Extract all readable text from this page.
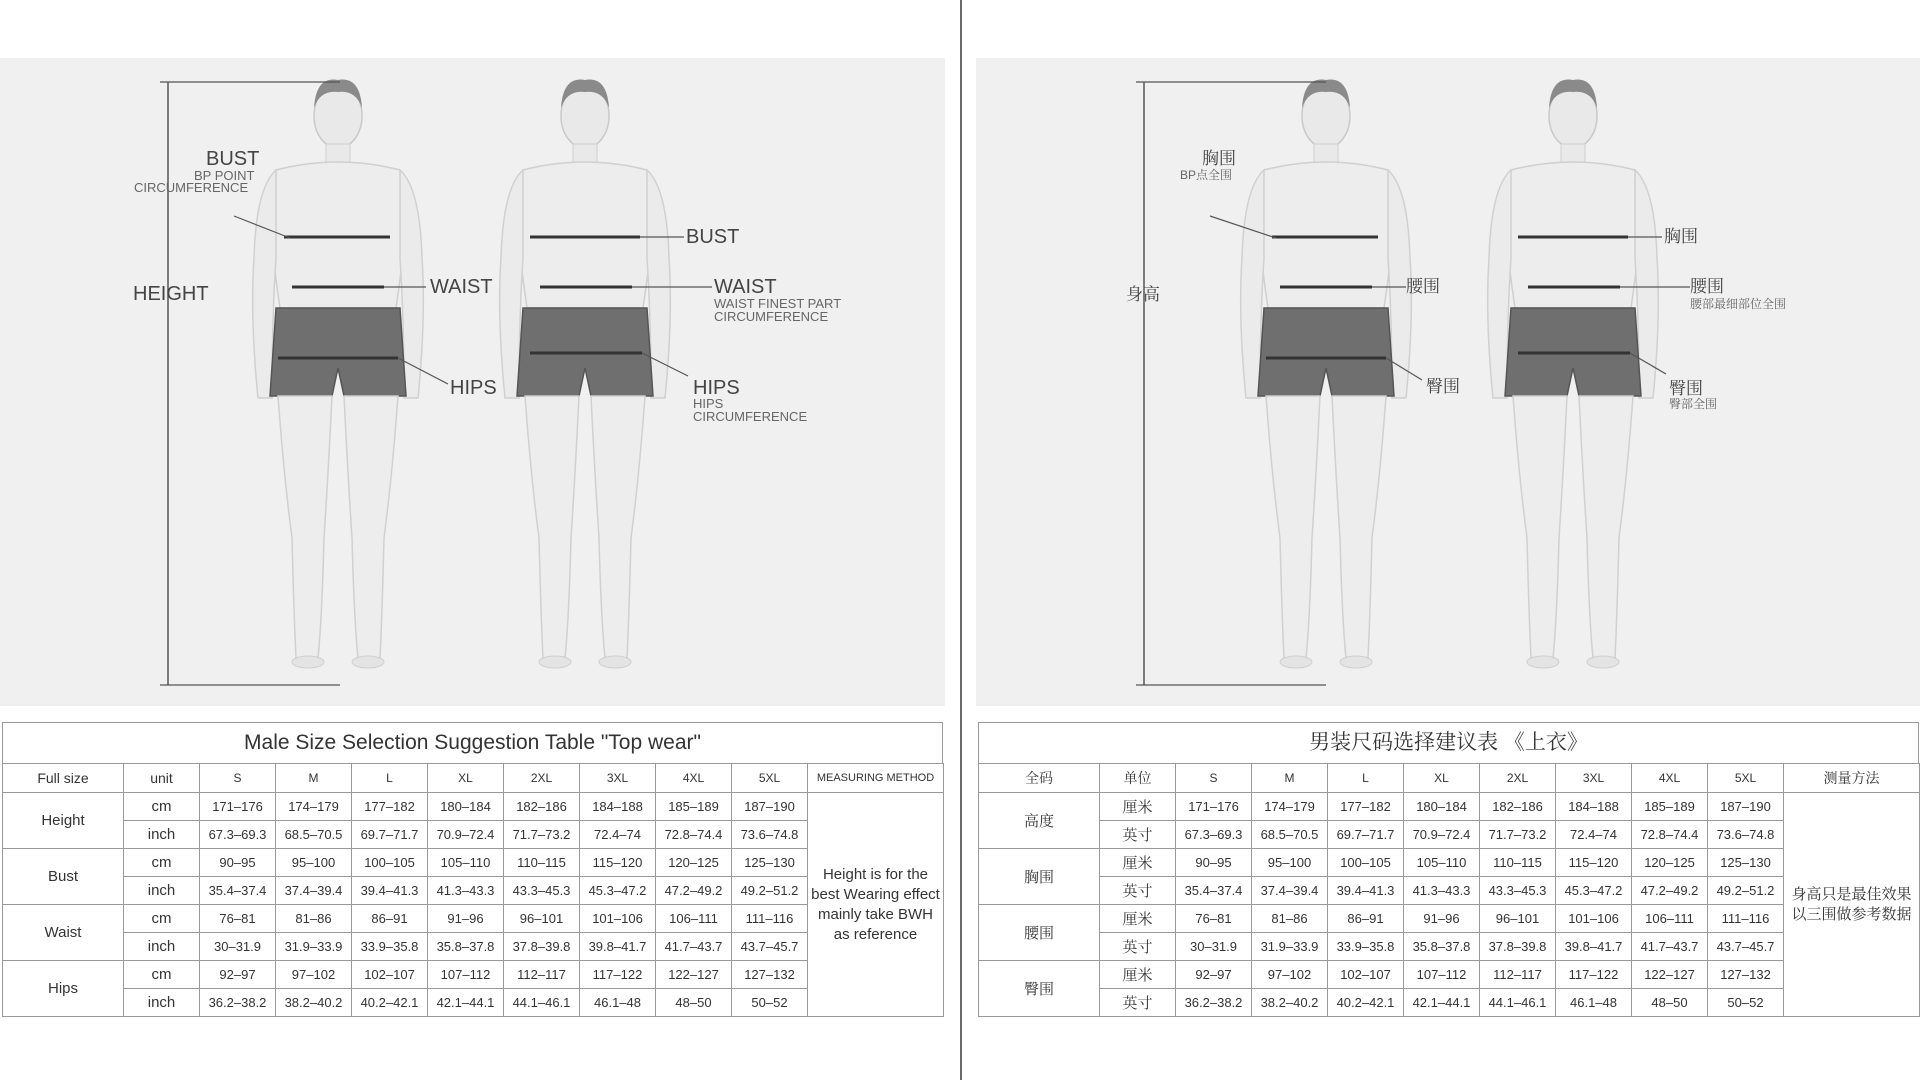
BUST
BP POINT
CIRCUMFERENCE
HEIGHT	WAIST
HIPS
BUST
WAIST
WAIST FINEST PART
CIRCUMFERENCE
HIPS
HIPS
CIRCUMFERENCE
Male Size Selection Suggestion Table "Top wear"
Full size	unit	S	M	L	XL	2XL	3XL	4XL	5XL	MEASURING METHOD
Height	cm	171–176	174–179	177–182	180–184	182–186	184–188	185–189	187–190	Height is for the best Wearing effect mainly take BWH as reference
	inch	67.3–69.3	68.5–70.5	69.7–71.7	70.9–72.4	71.7–73.2	72.4–74	72.8–74.4	73.6–74.8	
Bust	cm	90–95	95–100	100–105	105–110	110–115	115–120	120–125	125–130	
	inch	35.4–37.4	37.4–39.4	39.4–41.3	41.3–43.3	43.3–45.3	45.3–47.2	47.2–49.2	49.2–51.2	
Waist	cm	76–81	81–86	86–91	91–96	96–101	101–106	106–111	111–116	
	inch	30–31.9	31.9–33.9	33.9–35.8	35.8–37.8	37.8–39.8	39.8–41.7	41.7–43.7	43.7–45.7	
Hips	cm	92–97	97–102	102–107	107–112	112–117	117–122	122–127	127–132	
	inch	36.2–38.2	38.2–40.2	40.2–42.1	42.1–44.1	44.1–46.1	46.1–48	48–50	50–52	
胸围
BP点全围
身高	腰围
臀围
胸围
腰围
腰部最细部位全围
臀围
臀部全围
男装尺码选择建议表 《上衣》
全码	单位	S	M	L	XL	2XL	3XL	4XL	5XL	测量方法
高度	厘米	171–176	174–179	177–182	180–184	182–186	184–188	185–189	187–190	身高只是最佳效果以三围做参考数据
	英寸	67.3–69.3	68.5–70.5	69.7–71.7	70.9–72.4	71.7–73.2	72.4–74	72.8–74.4	73.6–74.8	
胸围	厘米	90–95	95–100	100–105	105–110	110–115	115–120	120–125	125–130	
	英寸	35.4–37.4	37.4–39.4	39.4–41.3	41.3–43.3	43.3–45.3	45.3–47.2	47.2–49.2	49.2–51.2	
腰围	厘米	76–81	81–86	86–91	91–96	96–101	101–106	106–111	111–116	
	英寸	30–31.9	31.9–33.9	33.9–35.8	35.8–37.8	37.8–39.8	39.8–41.7	41.7–43.7	43.7–45.7	
臀围	厘米	92–97	97–102	102–107	107–112	112–117	117–122	122–127	127–132	
	英寸	36.2–38.2	38.2–40.2	40.2–42.1	42.1–44.1	44.1–46.1	46.1–48	48–50	50–52	
